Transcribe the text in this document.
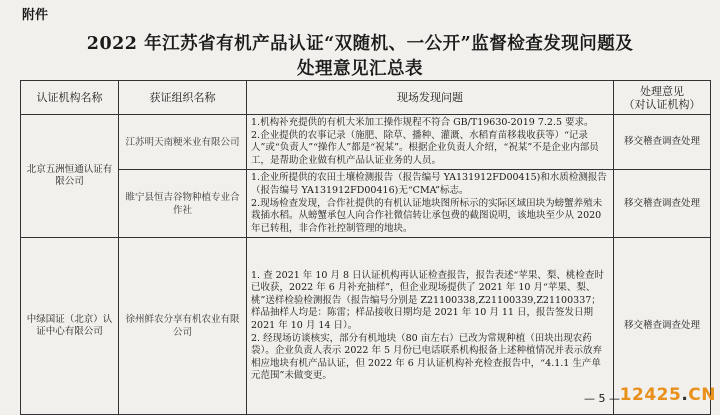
附件
2022 年江苏省有机产品认证“双随机、一公开”监督检查发现问题及
处理意见汇总表
认证机构名称	获证组织名称	现场发现问题	处理意见
（对认证机构）

北京五洲恒通认证有限公司	江苏明天南粳米业有限公司	1.机构补充提供的有机大米加工操作规程不符合 GB/T19630-2019 7.2.5 要求。

2.企业提供的农事记录（施肥、除草、播种、灌溉、水稻育苗移栽收获等）“记录人”或“负责人”“操作人”都是“祝某”。根据企业负责人介绍，“祝某”不是企业内部员工，是帮助企业做有机产品认证业务的人员。	移交稽查调查处理
	睢宁县恒吉谷物种植专业合作社	1.企业所提供的农田土壤检测报告（报告编号 YA131912FD00415)和水质检测报告（报告编号 YA131912FD00416)无“CMA”标志。

2.现场检查发现，合作社提供的有机认证地块图所标示的实际区域田块为螃蟹养殖未栽插水稻。从螃蟹承包人向合作社微信转让承包费的截图说明，该地块至少从 2020 年已转租，非合作社控制管理的地块。	移交稽查调查处理
中绿国证（北京）认证中心有限公司	徐州鲜农分享有机农业有限公司	1. 查 2021 年 10 月 8 日认证机构再认证检查报告，报告表述“苹果、梨、桃检查时已收获，2022 年 6 月补充抽样”，但企业现场提供了 2021 年 10 月“苹果、梨、桃”送样检验检测报告（报告编号分别是 Z21100338,Z21100339,Z21100337；样品抽样人均是：陈雷；样品接收日期均是 2021 年 10 月 11 日，报告签发日期 2021 年 10 月 14 日）。

2. 经现场访谈核实，部分有机地块（80 亩左右）已改为常规种植（田块出现农药袋）。企业负责人表示 2022 年 5 月份已电话联系机构报备上述种植情况并表示放弃相应地块有机产品认证，但 2022 年 6 月认证机构补充检查报告中，“4.1.1 生产单元范围”未做变更。	移交稽查调查处理
— 5 — 12425.CN
